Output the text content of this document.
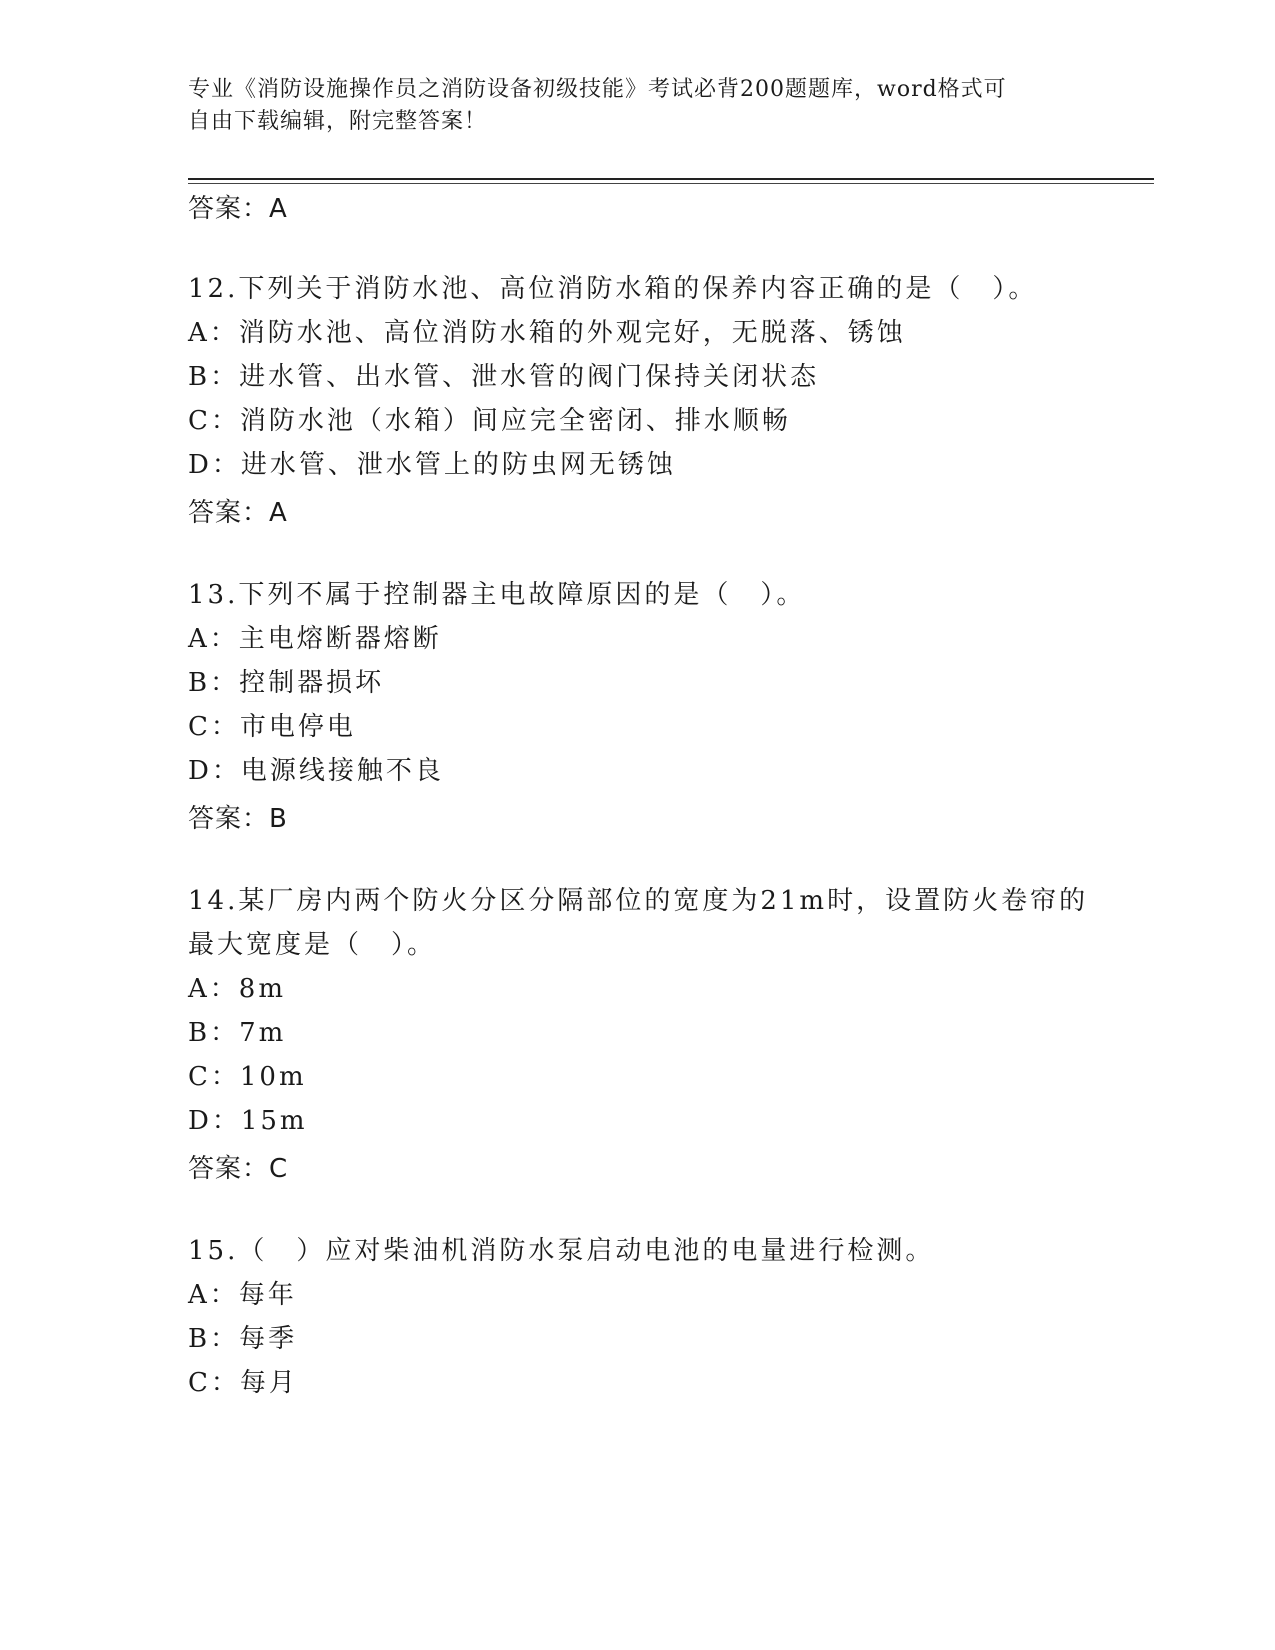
专业《消防设施操作员之消防设备初级技能》考试必背200题题库，word格式可
自由下载编辑，附完整答案！
答案：A
12.下列关于消防水池、高位消防水箱的保养内容正确的是（　）。
A：消防水池、高位消防水箱的外观完好，无脱落、锈蚀
B：进水管、出水管、泄水管的阀门保持关闭状态
C：消防水池（水箱）间应完全密闭、排水顺畅
D：进水管、泄水管上的防虫网无锈蚀
答案：A
13.下列不属于控制器主电故障原因的是（　）。
A：主电熔断器熔断
B：控制器损坏
C：市电停电
D：电源线接触不良
答案：B
14.某厂房内两个防火分区分隔部位的宽度为21m时，设置防火卷帘的
最大宽度是（　）。
A：8m
B：7m
C：10m
D：15m
答案：C
15.（　）应对柴油机消防水泵启动电池的电量进行检测。
A：每年
B：每季
C：每月
